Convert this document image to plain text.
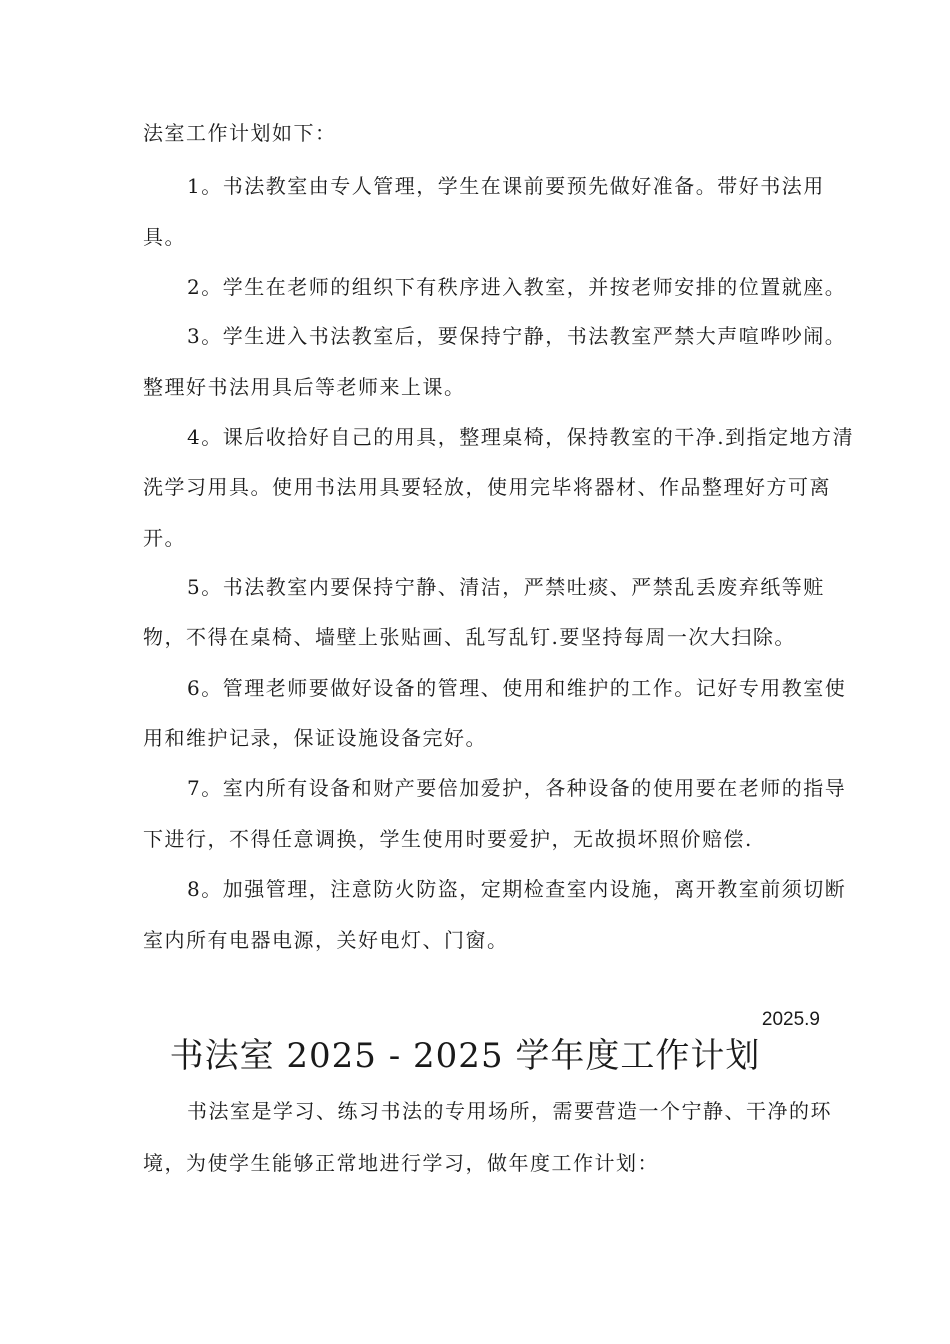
法室工作计划如下：
1。书法教室由专人管理，学生在课前要预先做好准备。带好书法用
具。
2。学生在老师的组织下有秩序进入教室，并按老师安排的位置就座。
3。学生进入书法教室后，要保持宁静，书法教室严禁大声喧哗吵闹。
整理好书法用具后等老师来上课。
4。课后收拾好自己的用具，整理桌椅，保持教室的干净.到指定地方清
洗学习用具。使用书法用具要轻放，使用完毕将器材、作品整理好方可离
开。
5。书法教室内要保持宁静、清洁，严禁吐痰、严禁乱丢废弃纸等赃
物，不得在桌椅、墙壁上张贴画、乱写乱钉.要坚持每周一次大扫除。
6。管理老师要做好设备的管理、使用和维护的工作。记好专用教室使
用和维护记录，保证设施设备完好。
7。室内所有设备和财产要倍加爱护，各种设备的使用要在老师的指导
下进行，不得任意调换，学生使用时要爱护，无故损坏照价赔偿.
8。加强管理，注意防火防盗，定期检查室内设施，离开教室前须切断
室内所有电器电源，关好电灯、门窗。
2025.9
书法室 2025 - 2025 学年度工作计划
书法室是学习、练习书法的专用场所，需要营造一个宁静、干净的环
境，为使学生能够正常地进行学习，做年度工作计划：
